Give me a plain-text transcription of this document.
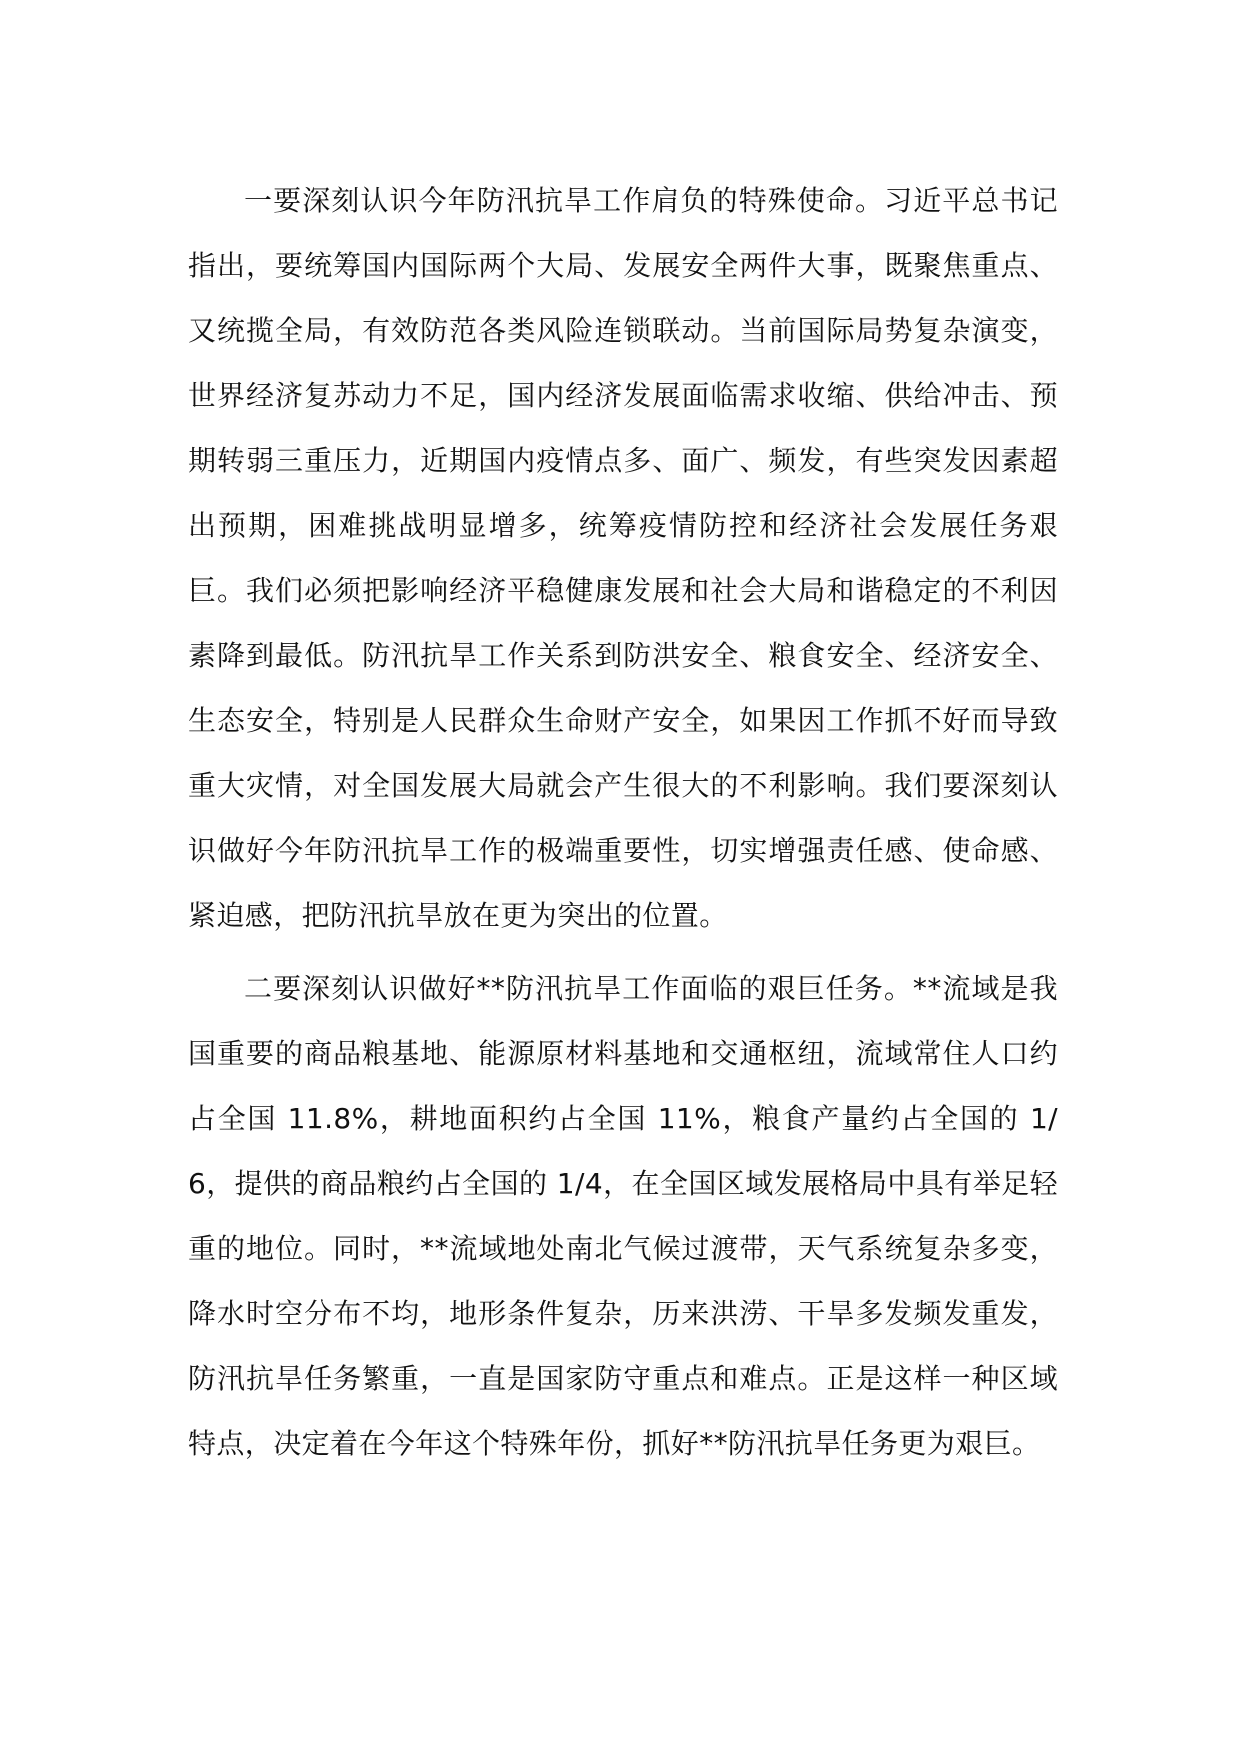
一要深刻认识今年防汛抗旱工作肩负的特殊使命。习近平总书记指出，要统筹国内国际两个大局、发展安全两件大事，既聚焦重点、又统揽全局，有效防范各类风险连锁联动。当前国际局势复杂演变，世界经济复苏动力不足，国内经济发展面临需求收缩、供给冲击、预期转弱三重压力，近期国内疫情点多、面广、频发，有些突发因素超出预期，困难挑战明显增多，统筹疫情防控和经济社会发展任务艰巨。我们必须把影响经济平稳健康发展和社会大局和谐稳定的不利因素降到最低。防汛抗旱工作关系到防洪安全、粮食安全、经济安全、生态安全，特别是人民群众生命财产安全，如果因工作抓不好而导致重大灾情，对全国发展大局就会产生很大的不利影响。我们要深刻认识做好今年防汛抗旱工作的极端重要性，切实增强责任感、使命感、紧迫感，把防汛抗旱放在更为突出的位置。

二要深刻认识做好**防汛抗旱工作面临的艰巨任务。**流域是我国重要的商品粮基地、能源原材料基地和交通枢纽，流域常住人口约占全国 11.8%，耕地面积约占全国 11%，粮食产量约占全国的 1/6，提供的商品粮约占全国的 1/4，在全国区域发展格局中具有举足轻重的地位。同时，**流域地处南北气候过渡带，天气系统复杂多变，降水时空分布不均，地形条件复杂，历来洪涝、干旱多发频发重发，防汛抗旱任务繁重，一直是国家防守重点和难点。正是这样一种区域特点，决定着在今年这个特殊年份，抓好**防汛抗旱任务更为艰巨。
